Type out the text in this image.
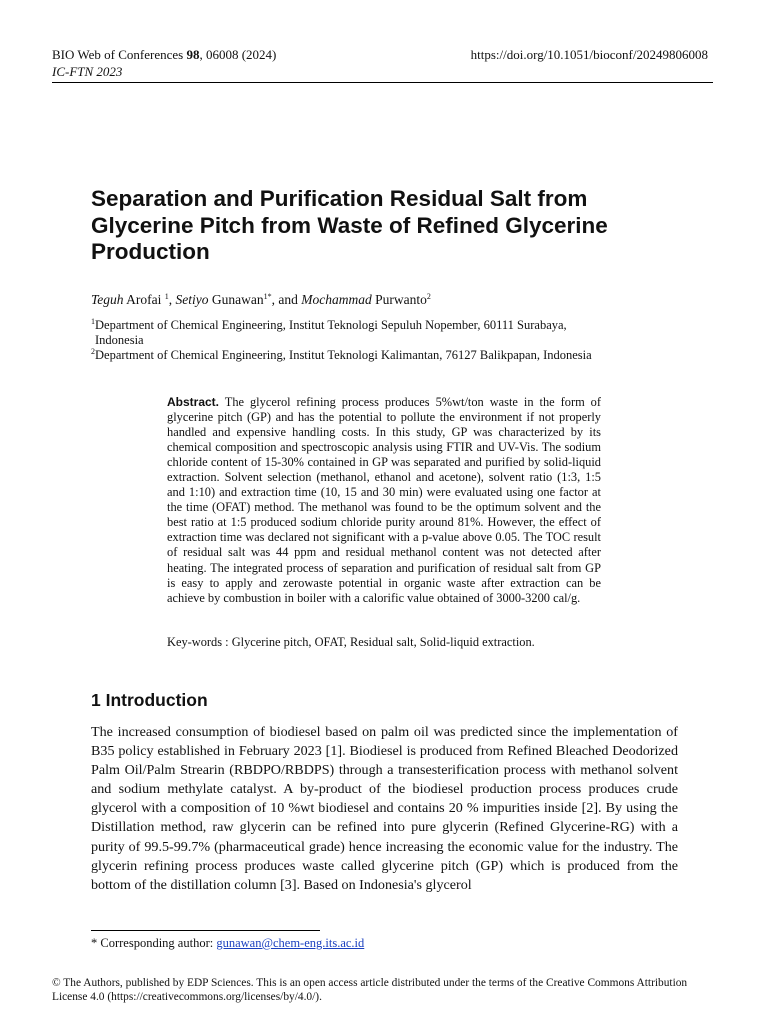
BIO Web of Conferences 98, 06008 (2024)	https://doi.org/10.1051/bioconf/20249806008
IC-FTN 2023
Separation and Purification Residual Salt from Glycerine Pitch from Waste of Refined Glycerine Production
Teguh Arofai $^1$, Setiyo Gunawan$^{1*}$, and Mochammad Purwanto$^2$
$^1$Department of Chemical Engineering, Institut Teknologi Sepuluh Nopember, 60111 Surabaya,
Indonesia
$^2$Department of Chemical Engineering, Institut Teknologi Kalimantan, 76127 Balikpapan, Indonesia
Abstract. The glycerol refining process produces 5%wt/ton waste in the form of glycerine pitch (GP) and has the potential to pollute the environment if not properly handled and expensive handling costs. In this study, GP was characterized by its chemical composition and spectroscopic analysis using FTIR and UV-Vis. The sodium chloride content of 15-30% contained in GP was separated and purified by solid-liquid extraction. Solvent selection (methanol, ethanol and acetone), solvent ratio (1:3, 1:5 and 1:10) and extraction time (10, 15 and 30 min) were evaluated using one factor at the time (OFAT) method. The methanol was found to be the optimum solvent and the best ratio at 1:5 produced sodium chloride purity around 81%. However, the effect of extraction time was declared not significant with a p-value above 0.05. The TOC result of residual salt was 44 ppm and residual methanol content was not detected after heating. The integrated process of separation and purification of residual salt from GP is easy to apply and zerowaste potential in organic waste after extraction can be achieve by combustion in boiler with a calorific value obtained of 3000-3200 cal/g.
Key-words : Glycerine pitch, OFAT, Residual salt, Solid-liquid extraction.
1 Introduction
The increased consumption of biodiesel based on palm oil was predicted since the implementation of B35 policy established in February 2023 [1]. Biodiesel is produced from Refined Bleached Deodorized Palm Oil/Palm Strearin (RBDPO/RBDPS) through a transesterification process with methanol solvent and sodium methylate catalyst. A by-product of the biodiesel production process produces crude glycerol with a composition of 10 %wt biodiesel and contains 20 % impurities inside [2]. By using the Distillation method, raw glycerin can be refined into pure glycerin (Refined Glycerine-RG) with a purity of 99.5-99.7% (pharmaceutical grade) hence increasing the economic value for the industry. The glycerin refining process produces waste called glycerine pitch (GP) which is produced from the bottom of the distillation column [3]. Based on Indonesia's glycerol
* Corresponding author: gunawan@chem-eng.its.ac.id
© The Authors, published by EDP Sciences. This is an open access article distributed under the terms of the Creative Commons Attribution License 4.0 (https://creativecommons.org/licenses/by/4.0/).
